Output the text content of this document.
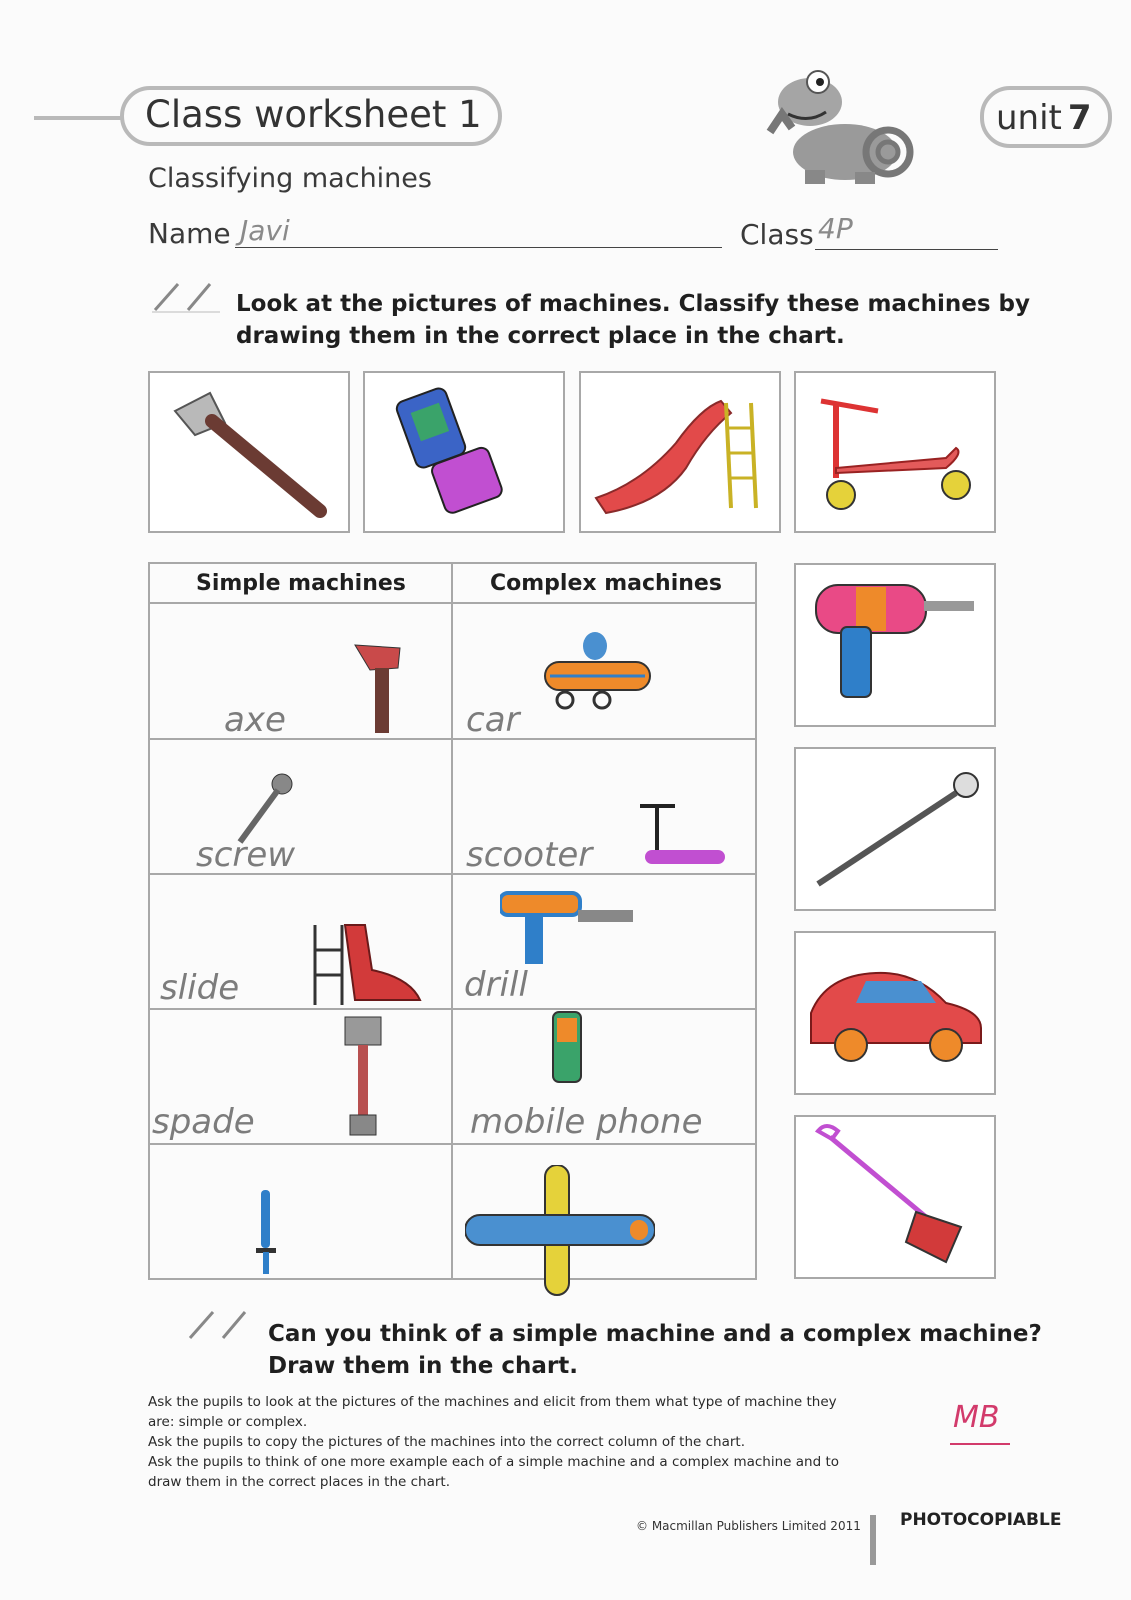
Class worksheet 1	unit 7
Classifying machines
Name Javi	Class 4P
Look at the pictures of machines. Classify these machines by
drawing them in the correct place in the chart.
Simple machines	Complex machines
axe	car
screw	scooter
slide	drill
spade	mobile phone
Can you think of a simple machine and a complex machine?
Draw them in the chart.
Ask the pupils to look at the pictures of the machines and elicit from them what type of machine they are: simple or complex.
Ask the pupils to copy the pictures of the machines into the correct column of the chart.
Ask the pupils to think of one more example each of a simple machine and a complex machine and to draw them in the correct places in the chart.
MB
© Macmillan Publishers Limited 2011 PHOTOCOPIABLE
